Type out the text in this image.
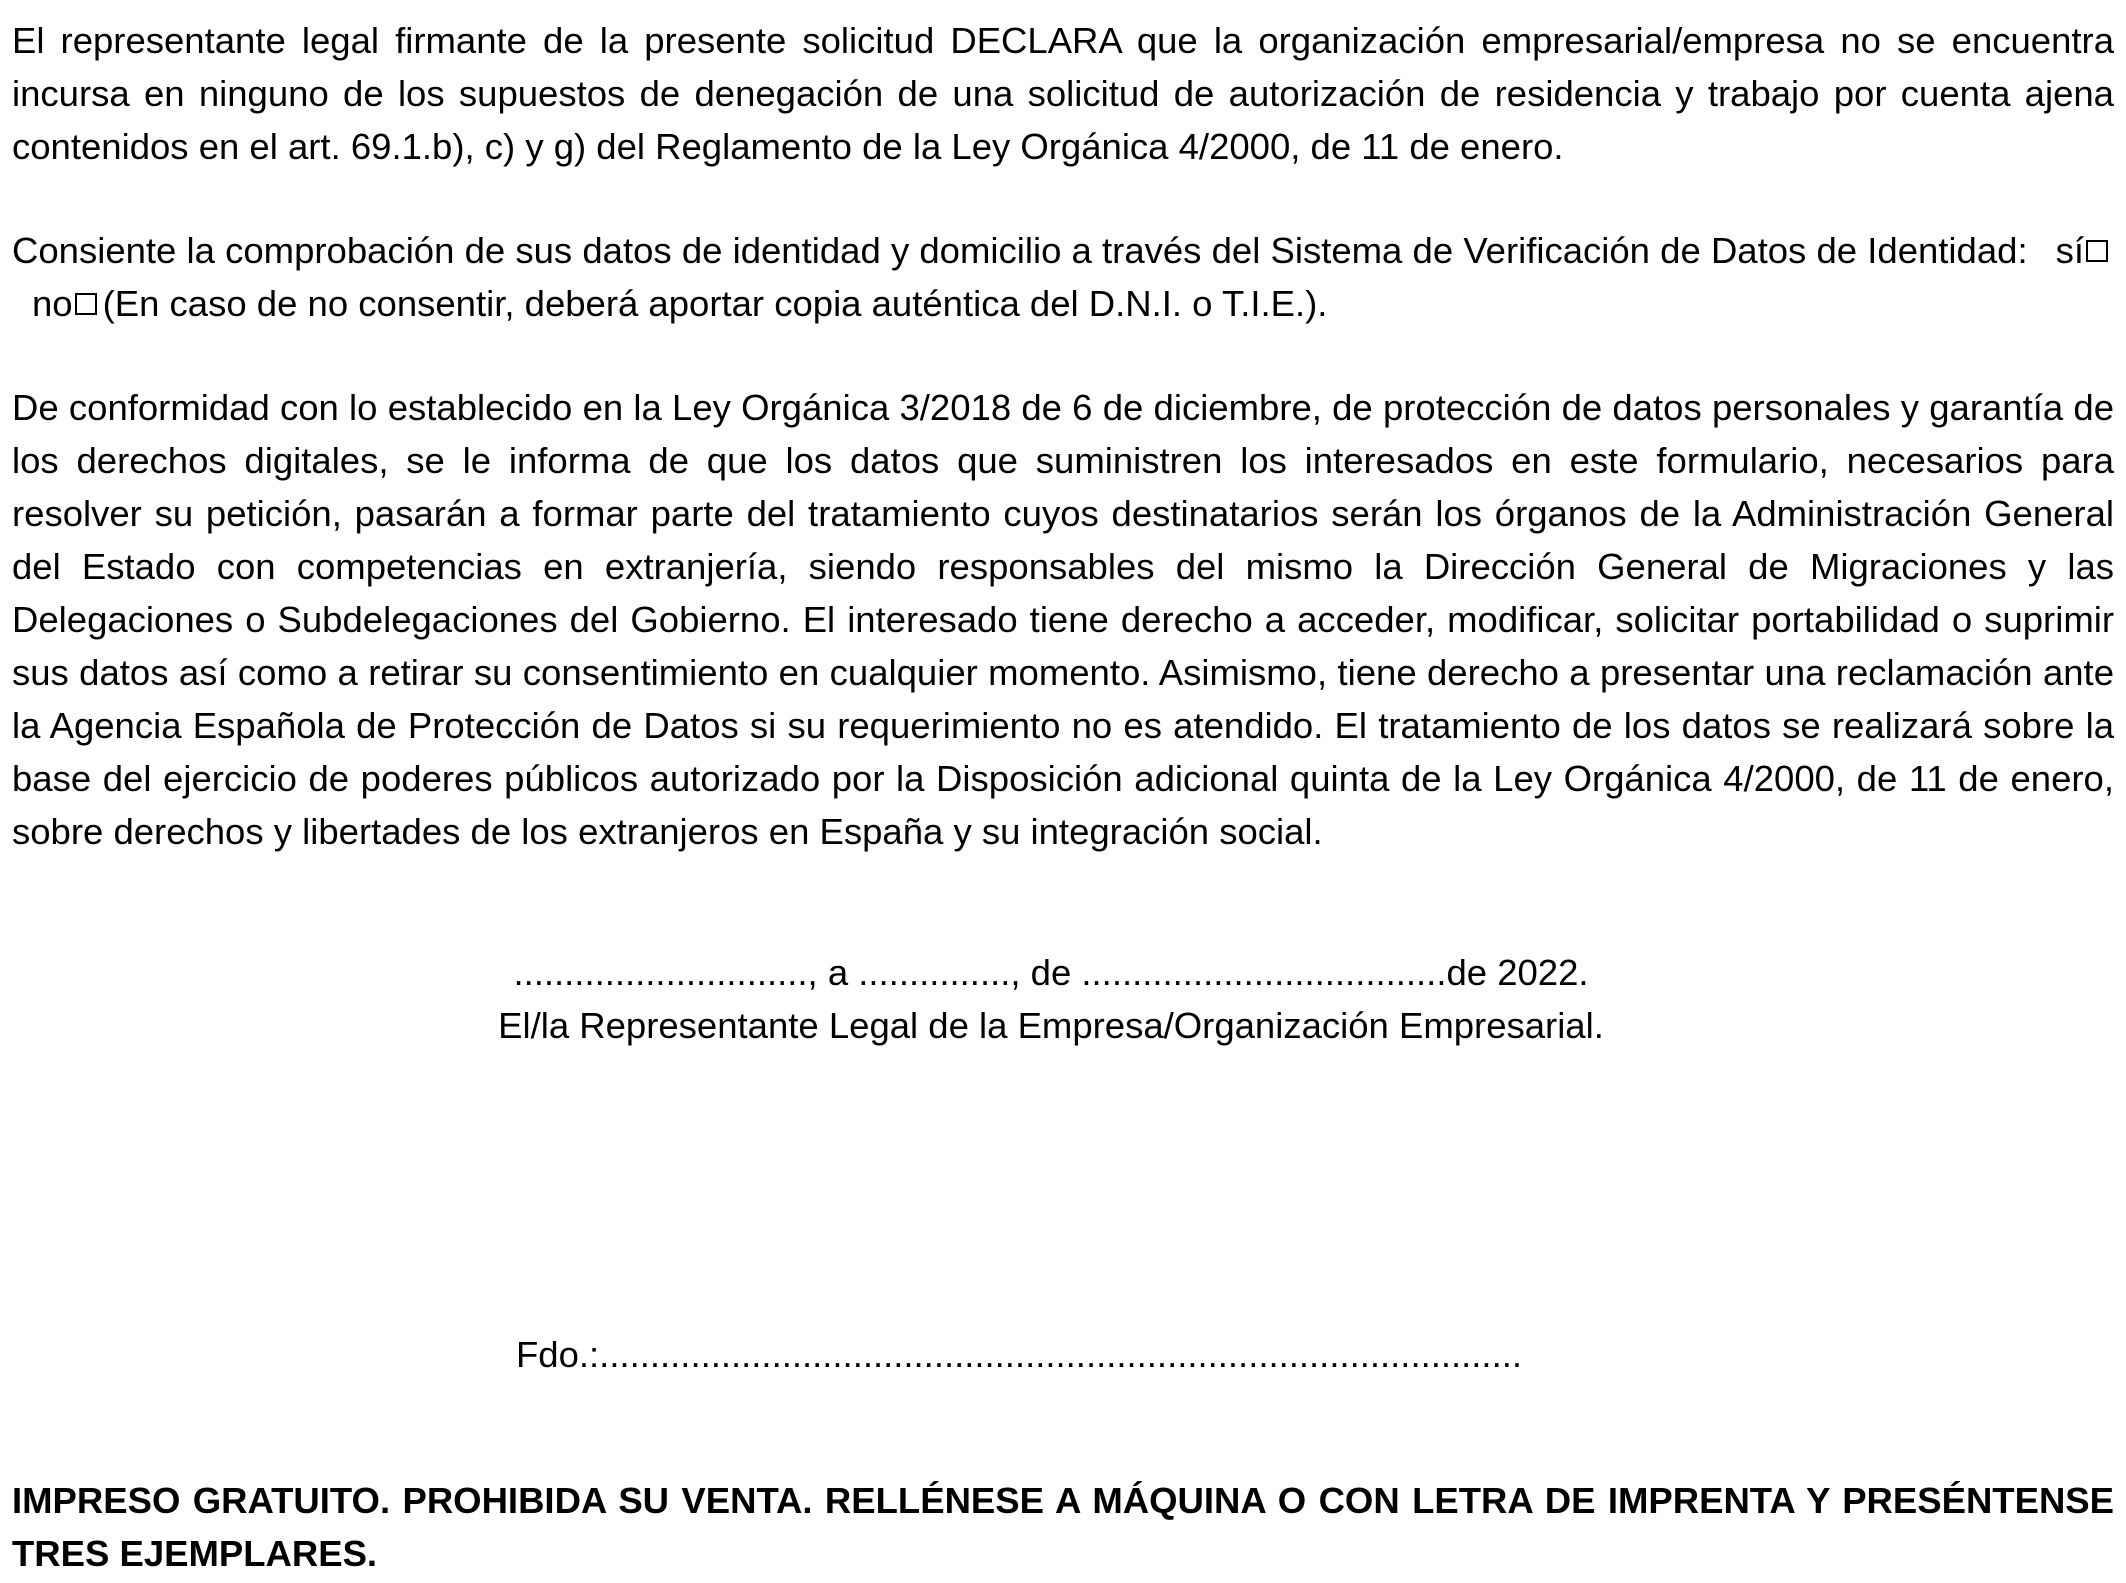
El representante legal firmante de la presente solicitud DECLARA que la organización empresarial/empresa no se encuentra incursa en ninguno de los supuestos de denegación de una solicitud de autorización de residencia y trabajo por cuenta ajena contenidos en el art. 69.1.b), c) y g) del Reglamento de la Ley Orgánica 4/2000, de 11 de enero.

Consiente la comprobación de sus datos de identidad y domicilio a través del Sistema de Verificación de Datos de Identidad: síno (En caso de no consentir, deberá aportar copia auténtica del D.N.I. o T.I.E.).

De conformidad con lo establecido en la Ley Orgánica 3/2018 de 6 de diciembre, de protección de datos personales y garantía de los derechos digitales, se le informa de que los datos que suministren los interesados en este formulario, necesarios para resolver su petición, pasarán a formar parte del tratamiento cuyos destinatarios serán los órganos de la Administración General del Estado con competencias en extranjería, siendo responsables del mismo la Dirección General de Migraciones y las Delegaciones o Subdelegaciones del Gobierno. El interesado tiene derecho a acceder, modificar, solicitar portabilidad o suprimir sus datos así como a retirar su consentimiento en cualquier momento. Asimismo, tiene derecho a presentar una reclamación ante la Agencia Española de Protección de Datos si su requerimiento no es atendido. El tratamiento de los datos se realizará sobre la base del ejercicio de poderes públicos autorizado por la Disposición adicional quinta de la Ley Orgánica 4/2000, de 11 de enero, sobre derechos y libertades de los extranjeros en España y su integración social.

............................., a ..............., de ....................................de 2022.
El/la Representante Legal de la Empresa/Organización Empresarial.
Fdo.:...........................................................................................
IMPRESO GRATUITO. PROHIBIDA SU VENTA. RELLÉNESE A MÁQUINA O CON LETRA DE IMPRENTA Y PRESÉNTENSE TRES EJEMPLARES.
